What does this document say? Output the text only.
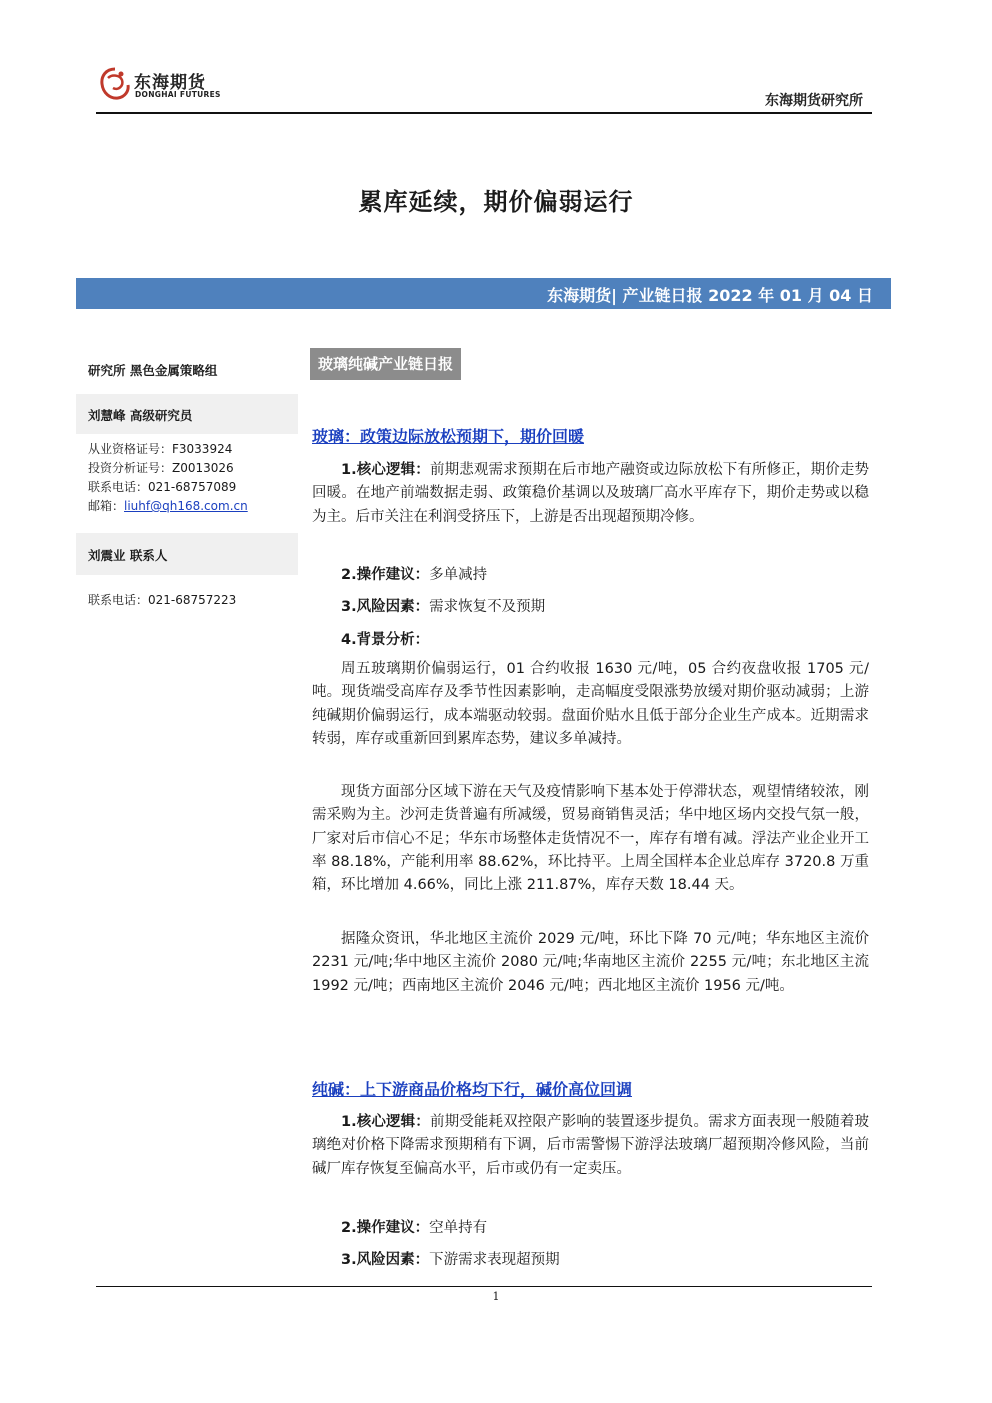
东海期货
DONGHAI FUTURES	东海期货研究所
累库延续，期价偏弱运行
东海期货| 产业链日报 2022 年 01 月 04 日
研究所 黑色金属策略组
刘慧峰 高级研究员
从业资格证号：F3033924
投资分析证号：Z0013026
联系电话：021-68757089
邮箱：liuhf@qh168.com.cn
刘震业 联系人
联系电话：021-68757223
玻璃纯碱产业链日报
玻璃：政策边际放松预期下，期价回暖

1.核心逻辑：前期悲观需求预期在后市地产融资或边际放松下有所修正，期价走势回暖。在地产前端数据走弱、政策稳价基调以及玻璃厂高水平库存下，期价走势或以稳为主。后市关注在利润受挤压下，上游是否出现超预期冷修。

2.操作建议：多单减持
3.风险因素：需求恢复不及预期
4.背景分析：

周五玻璃期价偏弱运行，01 合约收报 1630 元/吨，05 合约夜盘收报 1705 元/吨。现货端受高库存及季节性因素影响，走高幅度受限涨势放缓对期价驱动减弱；上游纯碱期价偏弱运行，成本端驱动较弱。盘面价贴水且低于部分企业生产成本。近期需求转弱，库存或重新回到累库态势，建议多单减持。

现货方面部分区域下游在天气及疫情影响下基本处于停滞状态，观望情绪较浓，刚需采购为主。沙河走货普遍有所减缓，贸易商销售灵活；华中地区场内交投气氛一般，厂家对后市信心不足；华东市场整体走货情况不一，库存有增有减。浮法产业企业开工率 88.18%，产能利用率 88.62%，环比持平。上周全国样本企业总库存 3720.8 万重箱，环比增加 4.66%，同比上涨 211.87%，库存天数 18.44 天。

据隆众资讯，华北地区主流价 2029 元/吨，环比下降 70 元/吨；华东地区主流价 2231 元/吨;华中地区主流价 2080 元/吨;华南地区主流价 2255 元/吨；东北地区主流 1992 元/吨；西南地区主流价 2046 元/吨；西北地区主流价 1956 元/吨。

纯碱：上下游商品价格均下行，碱价高位回调

1.核心逻辑：前期受能耗双控限产影响的装置逐步提负。需求方面表现一般随着玻璃绝对价格下降需求预期稍有下调，后市需警惕下游浮法玻璃厂超预期冷修风险，当前碱厂库存恢复至偏高水平，后市或仍有一定卖压。

2.操作建议：空单持有
3.风险因素：下游需求表现超预期
1
